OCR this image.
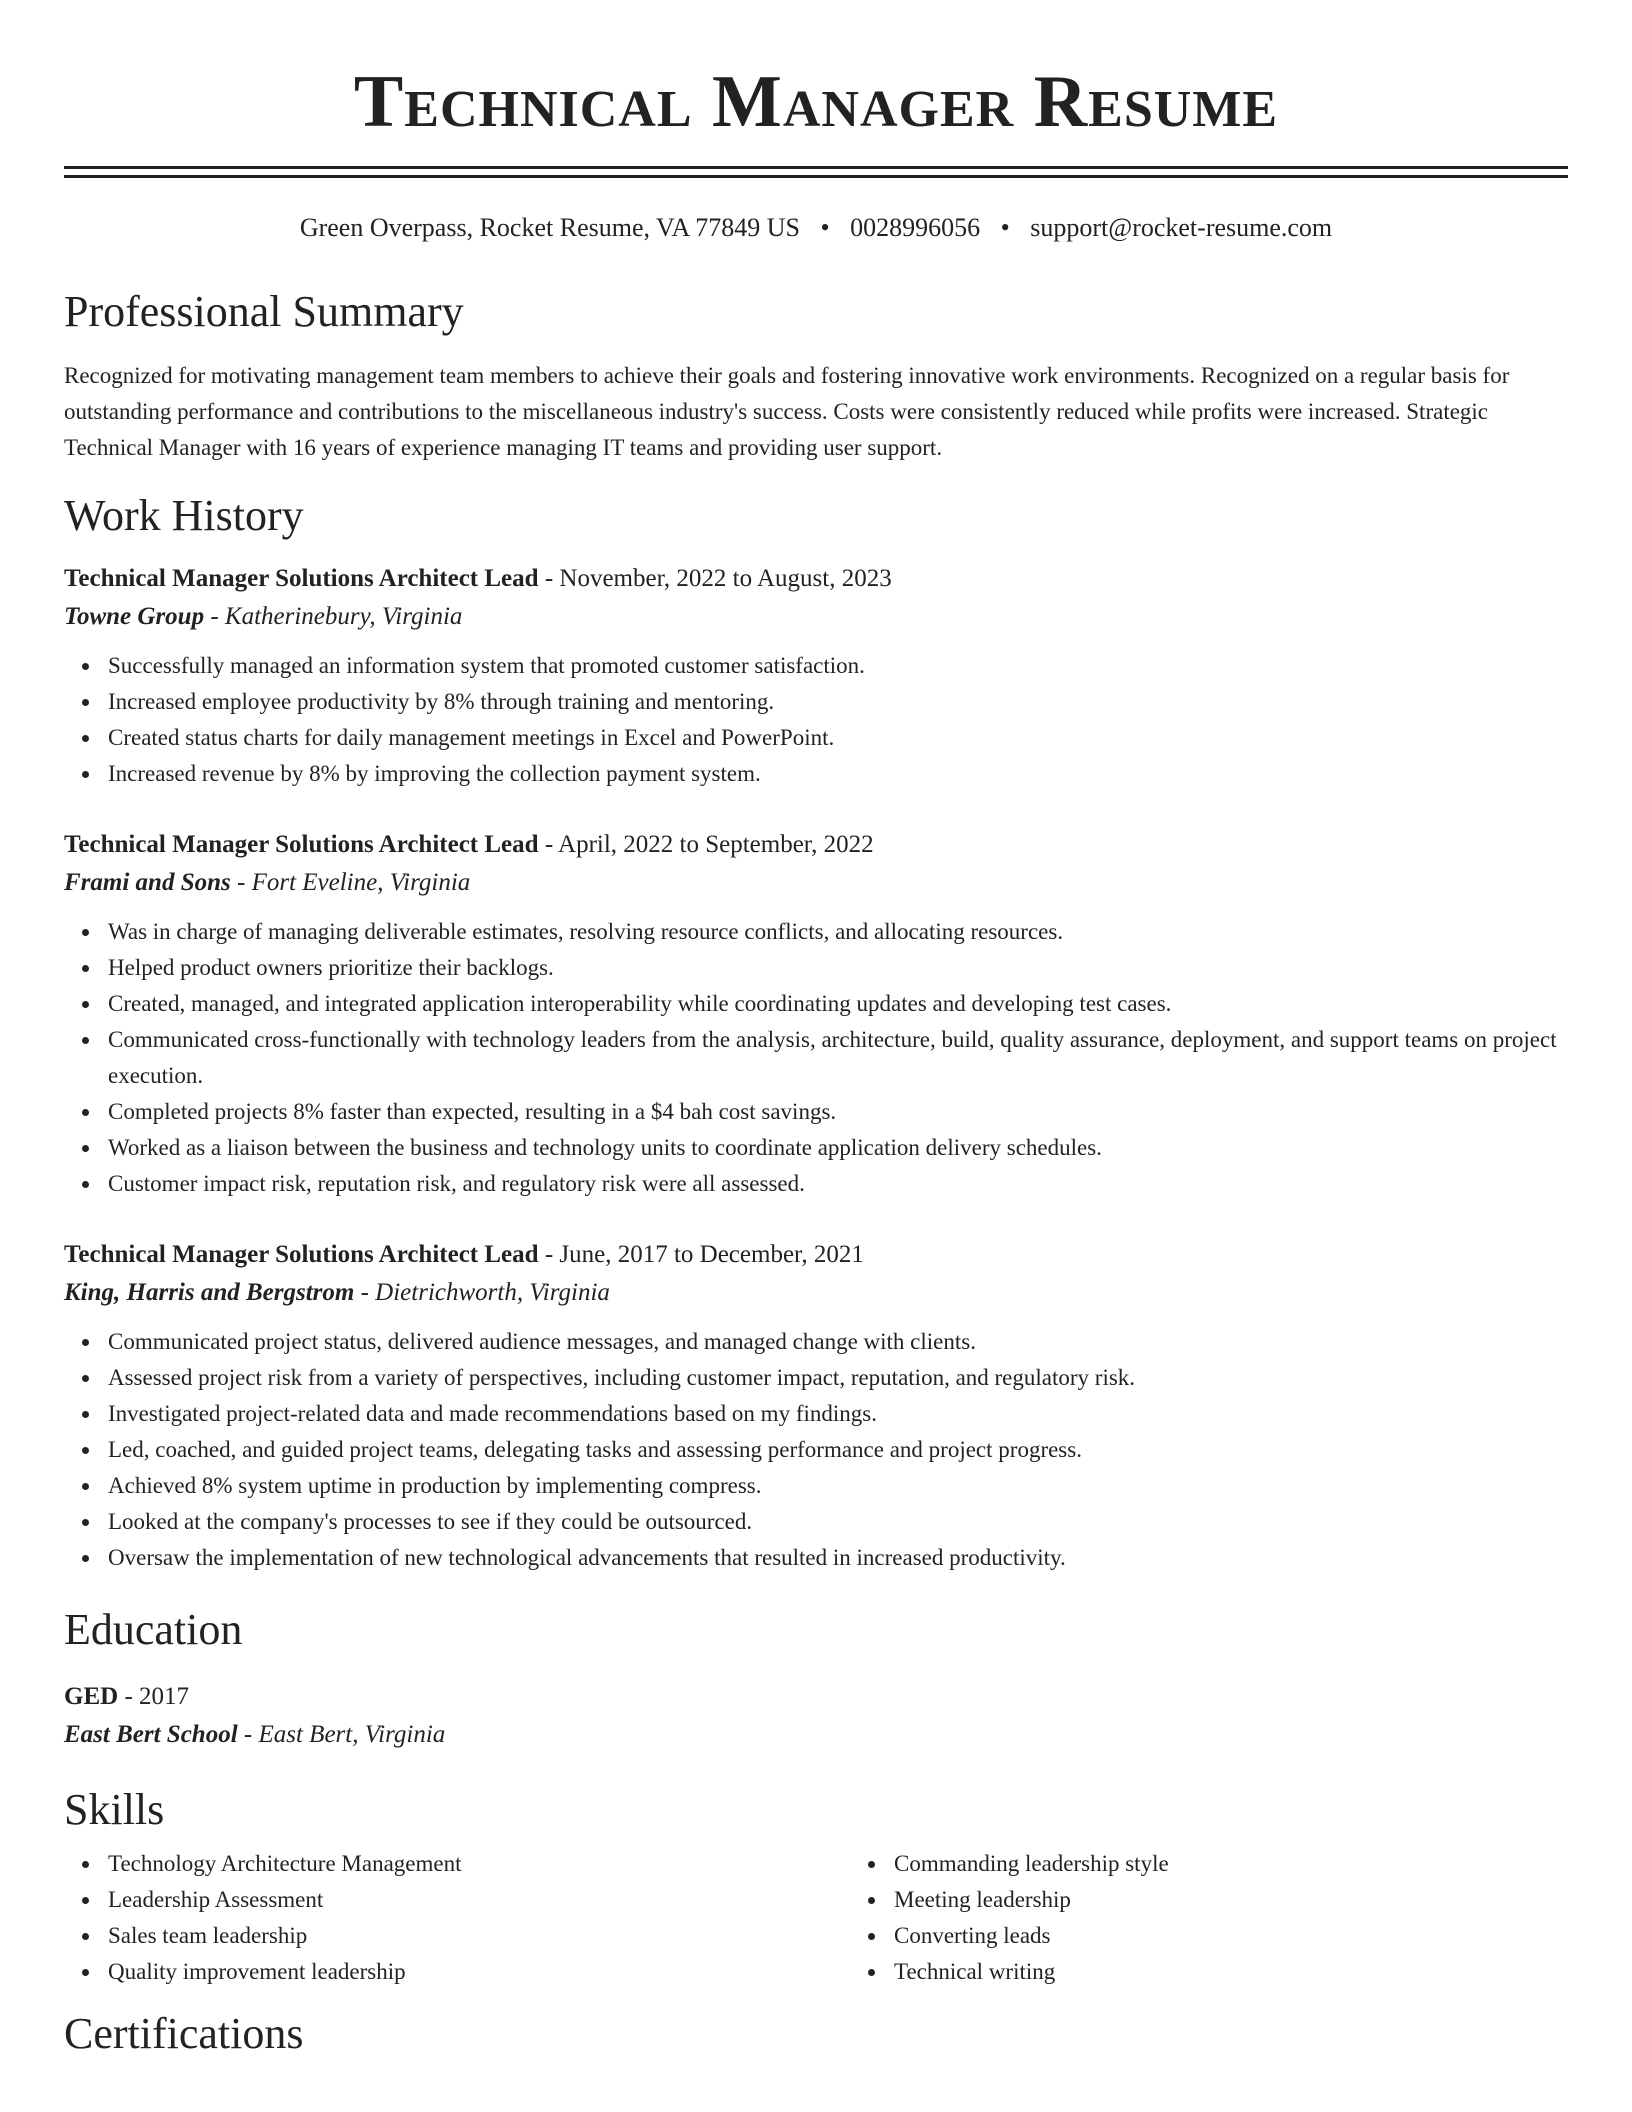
Technical Manager Resume
Green Overpass, Rocket Resume, VA 77849 US • 0028996056 • support@rocket-resume.com
Professional Summary
Recognized for motivating management team members to achieve their goals and fostering innovative work environments. Recognized on a regular basis for outstanding performance and contributions to the miscellaneous industry's success. Costs were consistently reduced while profits were increased. Strategic Technical Manager with 16 years of experience managing IT teams and providing user support.
Work History
Technical Manager Solutions Architect Lead - November, 2022 to August, 2023
Towne Group - Katherinebury, Virginia
Successfully managed an information system that promoted customer satisfaction.
Increased employee productivity by 8% through training and mentoring.
Created status charts for daily management meetings in Excel and PowerPoint.
Increased revenue by 8% by improving the collection payment system.
Technical Manager Solutions Architect Lead - April, 2022 to September, 2022
Frami and Sons - Fort Eveline, Virginia
Was in charge of managing deliverable estimates, resolving resource conflicts, and allocating resources.
Helped product owners prioritize their backlogs.
Created, managed, and integrated application interoperability while coordinating updates and developing test cases.
Communicated cross-functionally with technology leaders from the analysis, architecture, build, quality assurance, deployment, and support teams on project execution.
Completed projects 8% faster than expected, resulting in a $4 bah cost savings.
Worked as a liaison between the business and technology units to coordinate application delivery schedules.
Customer impact risk, reputation risk, and regulatory risk were all assessed.
Technical Manager Solutions Architect Lead - June, 2017 to December, 2021
King, Harris and Bergstrom - Dietrichworth, Virginia
Communicated project status, delivered audience messages, and managed change with clients.
Assessed project risk from a variety of perspectives, including customer impact, reputation, and regulatory risk.
Investigated project-related data and made recommendations based on my findings.
Led, coached, and guided project teams, delegating tasks and assessing performance and project progress.
Achieved 8% system uptime in production by implementing compress.
Looked at the company's processes to see if they could be outsourced.
Oversaw the implementation of new technological advancements that resulted in increased productivity.
Education
GED - 2017
East Bert School - East Bert, Virginia
Skills
Technology Architecture Management
Leadership Assessment
Sales team leadership
Quality improvement leadership
Commanding leadership style
Meeting leadership
Converting leads
Technical writing
Certifications
